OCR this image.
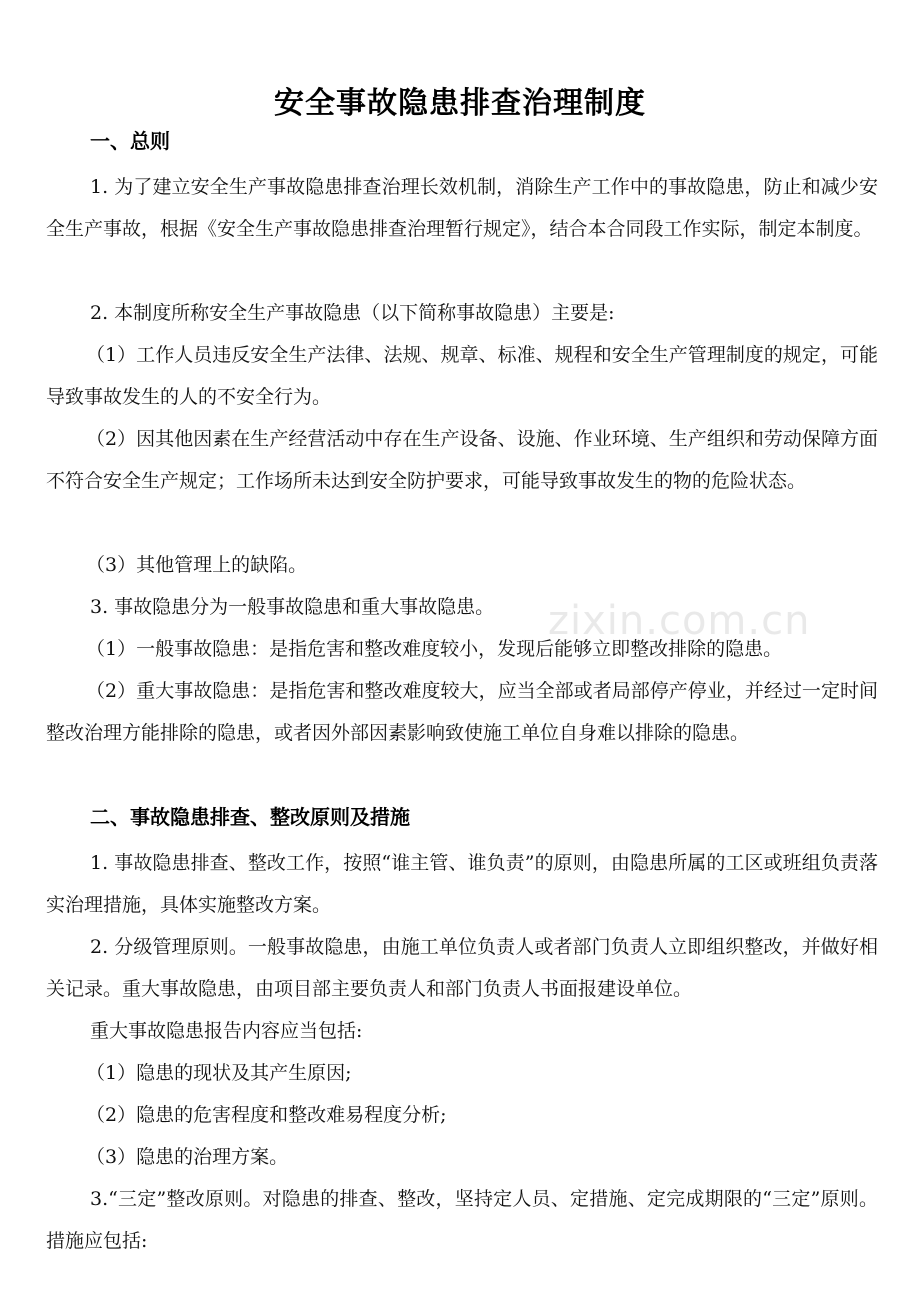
安全事故隐患排查治理制度
一、总则
1. 为了建立安全生产事故隐患排查治理长效机制，消除生产工作中的事故隐患，防止和减少安全生产事故，根据《安全生产事故隐患排查治理暂行规定》，结合本合同段工作实际，制定本制度。
2. 本制度所称安全生产事故隐患（以下简称事故隐患）主要是:
（1）工作人员违反安全生产法律、法规、规章、标准、规程和安全生产管理制度的规定，可能导致事故发生的人的不安全行为。
（2）因其他因素在生产经营活动中存在生产设备、设施、作业环境、生产组织和劳动保障方面不符合安全生产规定；工作场所未达到安全防护要求，可能导致事故发生的物的危险状态。
（3）其他管理上的缺陷。
3. 事故隐患分为一般事故隐患和重大事故隐患。
（1）一般事故隐患：是指危害和整改难度较小，发现后能够立即整改排除的隐患。
（2）重大事故隐患：是指危害和整改难度较大，应当全部或者局部停产停业，并经过一定时间整改治理方能排除的隐患，或者因外部因素影响致使施工单位自身难以排除的隐患。
二、事故隐患排查、整改原则及措施
1. 事故隐患排查、整改工作，按照“谁主管、谁负责”的原则，由隐患所属的工区或班组负责落实治理措施，具体实施整改方案。
2. 分级管理原则。一般事故隐患，由施工单位负责人或者部门负责人立即组织整改，并做好相关记录。重大事故隐患，由项目部主要负责人和部门负责人书面报建设单位。
重大事故隐患报告内容应当包括:
（1）隐患的现状及其产生原因;
（2）隐患的危害程度和整改难易程度分析;
（3）隐患的治理方案。
3.“三定”整改原则。对隐患的排查、整改，坚持定人员、定措施、定完成期限的“三定”原则。措施应包括:
zixin.com.cn
